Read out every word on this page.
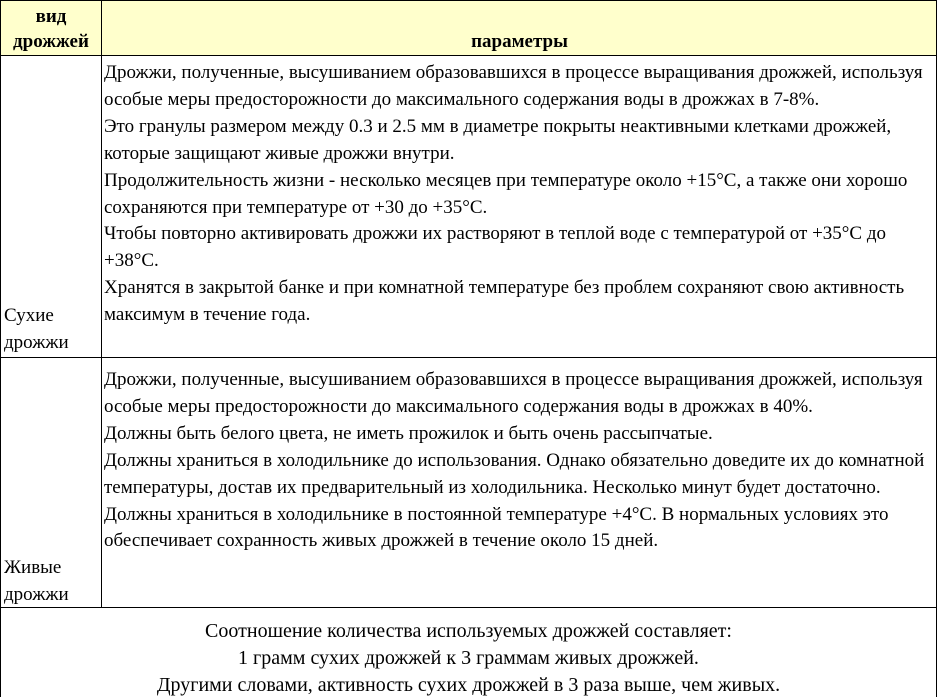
вид
дрожжей	параметры
Сухие
дрожжи

Дрожжи, полученные, высушиванием образовавшихся в процессе выращивания дрожжей, используя особые меры предосторожности до максимального содержания воды в дрожжах в 7-8%.

Это гранулы размером между 0.3 и 2.5 мм в диаметре покрыты неактивными клетками дрожжей, которые защищают живые дрожжи внутри.

Продолжительность жизни - несколько месяцев при температуре около +15°C, а также они хорошо сохраняются при температуре от +30 до +35°C.

Чтобы повторно активировать дрожжи их растворяют в теплой воде с температурой от +35°C до +38°C.

Хранятся в закрытой банке и при комнатной температуре без проблем сохраняют свою активность максимум в течение года.

Живые
дрожжи

Дрожжи, полученные, высушиванием образовавшихся в процессе выращивания дрожжей, используя особые меры предосторожности до максимального содержания воды в дрожжах в 40%.

Должны быть белого цвета, не иметь прожилок и быть очень рассыпчатые.

Должны храниться в холодильнике до использования. Однако обязательно доведите их до комнатной температуры, достав их предварительный из холодильника. Несколько минут будет достаточно.

Должны храниться в холодильнике в постоянной температуре +4°C. В нормальных условиях это обеспечивает сохранность живых дрожжей в течение около 15 дней.

Соотношение количества используемых дрожжей составляет:
1 грамм сухих дрожжей к 3 граммам живых дрожжей.
Другими словами, активность сухих дрожжей в 3 раза выше, чем живых.
